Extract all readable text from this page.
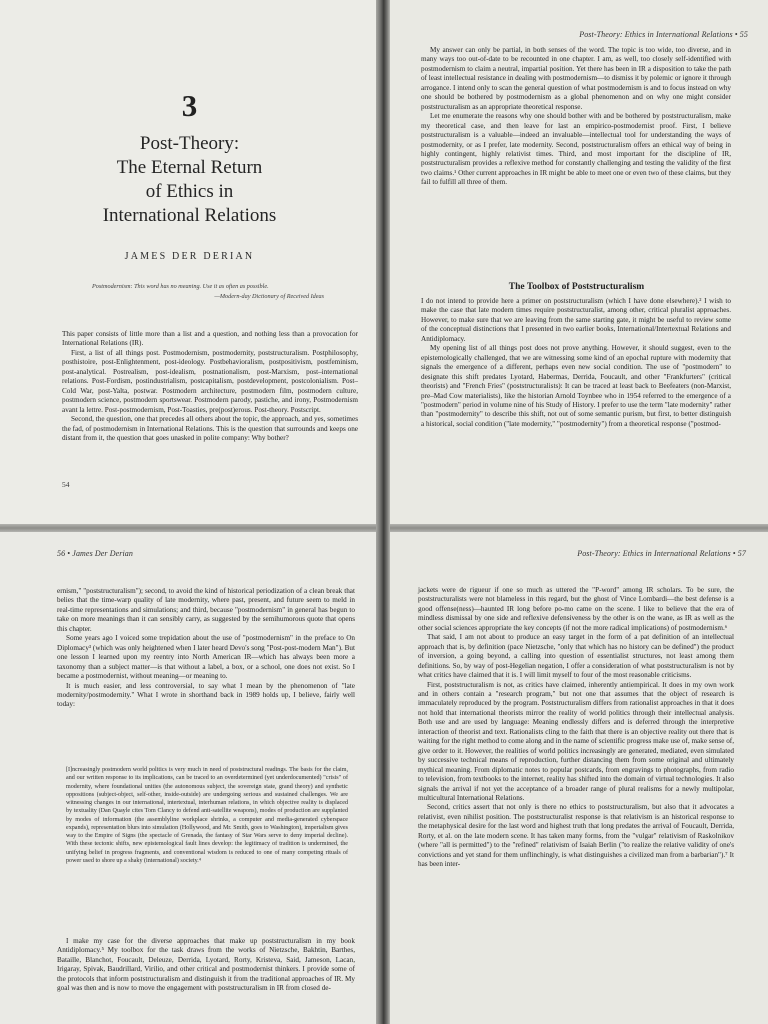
3
Post-Theory:
The Eternal Return
of Ethics in
International Relations
JAMES DER DERIAN
Postmodernism: This word has no meaning. Use it as often as possible.
—Modern-day Dictionary of Received Ideas

This paper consists of little more than a list and a question, and nothing less than a provocation for International Relations (IR).

First, a list of all things post. Postmodernism, postmodernity, poststructuralism. Postphilosophy, posthistoire, post-Enlightenment, post-ideology. Postbehavioralism, postpositivism, postfeminism, post-analytical. Postrealism, post-idealism, postnationalism, post-Marxism, post–international relations. Post-Fordism, postindustrialism, postcapitalism, postdevelopment, postcolonialism. Post–Cold War, post-Yalta, postwar. Postmodern architecture, postmodern film, postmodern culture, postmodern science, postmodern sportswear. Postmodern parody, pastiche, and irony, Postmodernism avant la lettre. Post-postmodernism, Post-Toasties, pre(post)erous. Post-theory. Postscript.

Second, the question, one that precedes all others about the topic, the approach, and yes, sometimes the fad, of postmodernism in International Relations. This is the question that surrounds and keeps one distant from it, the question that goes unasked in polite company: Why bother?

54
Post-Theory: Ethics in International Relations • 55

My answer can only be partial, in both senses of the word. The topic is too wide, too diverse, and in many ways too out-of-date to be recounted in one chapter. I am, as well, too closely self-identified with postmodernism to claim a neutral, impartial position. Yet there has been in IR a disposition to take the path of least intellectual resistance in dealing with postmodernism—to dismiss it by polemic or ignore it through arrogance. I intend only to scan the general question of what postmodernism is and to focus instead on why one should be bothered by postmodernism as a global phenomenon and on why one might consider poststructuralism as an appropriate theoretical response.

Let me enumerate the reasons why one should bother with and be bothered by poststructuralism, make my theoretical case, and then leave for last an empirico-postmodernist proof. First, I believe poststructuralism is a valuable—indeed an invaluable—intellectual tool for understanding the ways of postmodernity, or as I prefer, late modernity. Second, poststructuralism offers an ethical way of being in highly contingent, highly relativist times. Third, and most important for the discipline of IR, poststructuralism provides a reflexive method for constantly challenging and testing the validity of the first two claims.¹ Other current approaches in IR might be able to meet one or even two of these claims, but they fail to fulfill all three of them.

The Toolbox of Poststructuralism

I do not intend to provide here a primer on poststructuralism (which I have done elsewhere).² I wish to make the case that late modern times require poststructuralist, among other, critical pluralist approaches. However, to make sure that we are leaving from the same starting gate, it might be useful to review some of the conceptual distinctions that I presented in two earlier books, International/Intertextual Relations and Antidiplomacy.

My opening list of all things post does not prove anything. However, it should suggest, even to the epistemologically challenged, that we are witnessing some kind of an epochal rupture with modernity that signals the emergence of a different, perhaps even new social condition. The use of "postmodern" to designate this shift predates Lyotard, Habermas, Derrida, Foucault, and other "Frankfurters" (critical theorists) and "French Fries" (poststructuralists): It can be traced at least back to Beefeaters (non-Marxist, pre–Mad Cow materialists), like the historian Arnold Toynbee who in 1954 referred to the emergence of a "postmodern" period in volume nine of his Study of History. I prefer to use the term "late modernity" rather than "postmodernity" to describe this shift, not out of some semantic purism, but first, to better distinguish a historical, social condition ("late modernity," "postmodernity") from a theoretical response ("postmod-

56 • James Der Derian

ernism," "poststructuralism"); second, to avoid the kind of historical periodization of a clean break that belies that the time-warp quality of late modernity, where past, present, and future seem to meld in real-time representations and simulations; and third, because "postmodernism" in general has begun to take on more meanings than it can sensibly carry, as suggested by the semihumorous quote that opens this chapter.

Some years ago I voiced some trepidation about the use of "postmodernism" in the preface to On Diplomacy³ (which was only heightened when I later heard Devo's song "Post-post-modern Man"). But one lesson I learned upon my reentry into North American IR—which has always been more a taxonomy than a subject matter—is that without a label, a box, or a school, one does not exist. So I became a postmodernist, without meaning—or meaning to.

It is much easier, and less controversial, to say what I mean by the phenomenon of "late modernity/postmodernity." What I wrote in shorthand back in 1989 holds up, I believe, fairly well today:

[I]ncreasingly postmodern world politics is very much in need of poststructural readings. The basis for the claim, and our written response to its implications, can be traced to an overdetermined (yet underdocumented) "crisis" of modernity, where foundational unities (the autonomous subject, the sovereign state, grand theory) and synthetic oppositions (subject-object, self-other, inside-outside) are undergoing serious and sustained challenges. We are witnessing changes in our international, intertextual, interhuman relations, in which objective reality is displaced by textuality (Dan Quayle cites Tom Clancy to defend anti-satellite weapons), modes of production are supplanted by modes of information (the assemblyline workplace shrinks, a computer and media-generated cyberspace expands), representation blurs into simulation (Hollywood, and Mr. Smith, goes to Washington), imperialism gives way to the Empire of Signs (the spectacle of Grenada, the fantasy of Star Wars serve to deny imperial decline). With these tectonic shifts, new epistemological fault lines develop: the legitimacy of tradition is undermined, the unifying belief in progress fragments, and conventional wisdom is reduced to one of many competing rituals of power used to shore up a shaky (international) society.⁴

I make my case for the diverse approaches that make up poststructuralism in my book Antidiplomacy.⁵ My toolbox for the task draws from the works of Nietzsche, Bakhtin, Barthes, Bataille, Blanchot, Foucault, Deleuze, Derrida, Lyotard, Rorty, Kristeva, Said, Jameson, Lacan, Irigaray, Spivak, Baudrillard, Virilio, and other critical and postmodernist thinkers. I provide some of the protocols that inform poststructuralism and distinguish it from the traditional approaches of IR. My goal was then and is now to move the engagement with poststructuralism in IR from closed de-

Post-Theory: Ethics in International Relations • 57

jackets were de rigueur if one so much as uttered the "P-word" among IR scholars. To be sure, the poststructuralists were not blameless in this regard, but the ghost of Vince Lombardi—the best defense is a good offense(ness)—haunted IR long before po-mo came on the scene. I like to believe that the era of mindless dismissal by one side and reflexive defensiveness by the other is on the wane, as IR as well as the other social sciences appropriate the key concepts (if not the more radical implications) of postmodernism.⁶

That said, I am not about to produce an easy target in the form of a pat definition of an intellectual approach that is, by definition (pace Nietzsche, "only that which has no history can be defined") the product of inversion, a going beyond, a calling into question of essentialist structures, not least among them definitions. So, by way of post-Hegelian negation, I offer a consideration of what poststructuralism is not by what critics have claimed that it is. I will limit myself to four of the most reasonable criticisms.

First, poststructuralism is not, as critics have claimed, inherently antiempirical. It does in my own work and in others contain a "research program," but not one that assumes that the object of research is immaculately reproduced by the program. Poststructuralism differs from rationalist approaches in that it does not hold that international theorists mirror the reality of world politics through their intellectual analysis. Both use and are used by language: Meaning endlessly differs and is deferred through the interpretive interaction of theorist and text. Rationalists cling to the faith that there is an objective reality out there that is waiting for the right method to come along and in the name of scientific progress make use of, make sense of, give order to it. However, the realities of world politics increasingly are generated, mediated, even simulated by successive technical means of reproduction, further distancing them from some original and ultimately mythical meaning. From diplomatic notes to popular postcards, from engravings to photographs, from radio to television, from textbooks to the internet, reality has shifted into the domain of virtual technologies. It also signals the arrival if not yet the acceptance of a broader range of plural realisms for a newly multipolar, multicultural International Relations.

Second, critics assert that not only is there no ethics to poststructuralism, but also that it advocates a relativist, even nihilist position. The poststructuralist response is that relativism is an historical response to the metaphysical desire for the last word and highest truth that long predates the arrival of Foucault, Derrida, Rorty, et al. on the late modern scene. It has taken many forms, from the "vulgar" relativism of Raskolnikov (where "all is permitted") to the "refined" relativism of Isaiah Berlin ("to realize the relative validity of one's convictions and yet stand for them unflinchingly, is what distinguishes a civilized man from a barbarian").⁷ It has been inter-
